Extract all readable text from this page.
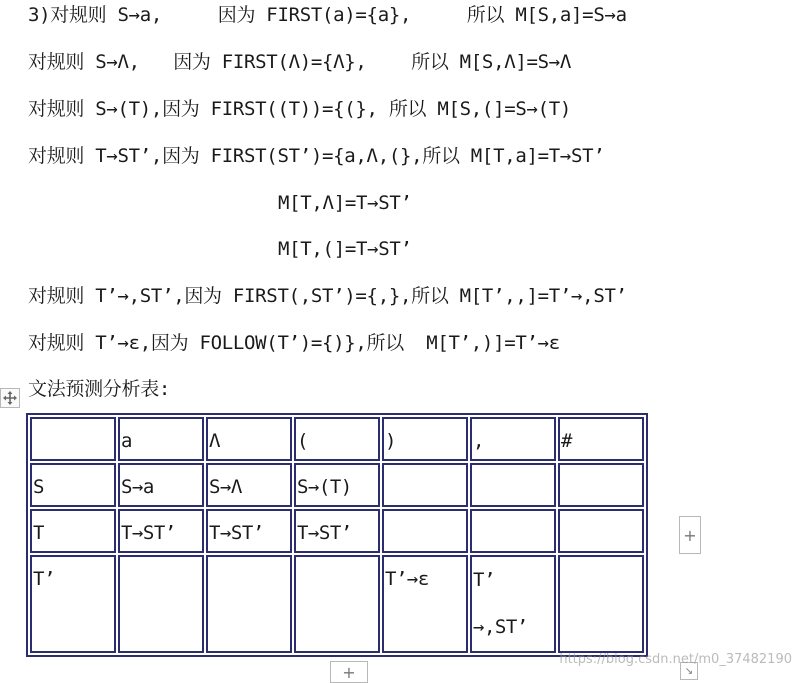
3)对规则 S→a,     因为 FIRST(a)={a},     所以 M[S,a]=S→a
对规则 S→Λ,   因为 FIRST(Λ)={Λ},    所以 M[S,Λ]=S→Λ
对规则 S→(T),因为 FIRST((T))={(}, 所以 M[S,(]=S→(T)
对规则 T→ST’,因为 FIRST(ST’)={a,Λ,(},所以 M[T,a]=T→ST’
M[T,Λ]=T→ST’
M[T,(]=T→ST’
对规则 T’→,ST’,因为 FIRST(,ST’)={,},所以 M[T’,,]=T’→,ST’
对规则 T’→ε,因为 FOLLOW(T’)={)},所以  M[T’,)]=T’→ε
文法预测分析表:
	a	Λ	(	)	,	#
S	S→a	S→Λ	S→(T)			
T	T→ST’	T→ST’	T→ST’			
T’				T’→ε	T’
→,ST’	
+
+	↘
https://blog.csdn.net/m0_37482190
